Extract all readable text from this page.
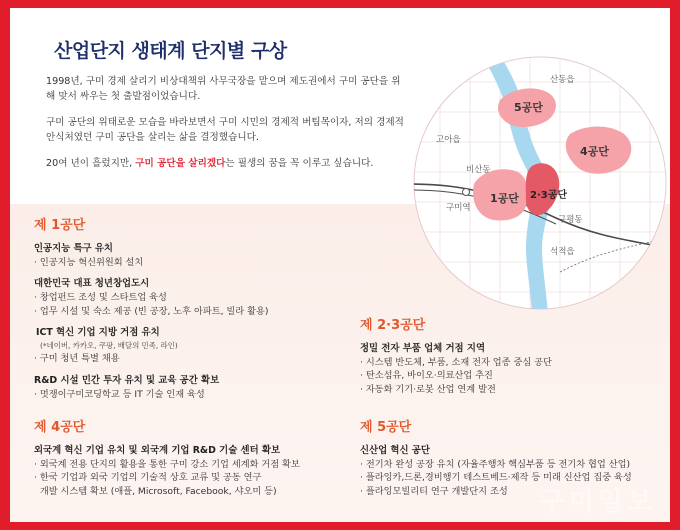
산업단지 생태계 단지별 구상

1998년, 구미 경제 살리기 비상대책위 사무국장을 맡으며 제도권에서 구미 공단을 위해 맞서 싸우는 첫 출발점이었습니다.

구미 공단의 위태로운 모습을 바라보면서 구미 시민의 경제적 버팀목이자, 저의 경제적 안식처였던 구미 공단을 살리는 삶을 결정했습니다.

20여 년이 흘렀지만, 구미 공단을 살리겠다는 필생의 꿈을 꼭 이루고 싶습니다.

산동읍
고아읍
비산동
구미역
구평동
석적읍
5공단
4공단
1공단 2·3공단
제 1공단
인공지능 특구 유치
· 인공지능 혁신위원회 설치
대한민국 대표 청년창업도시
· 창업펀드 조성 및 스타트업 육성
· 업무 시설 및 숙소 제공 (빈 공장, 노후 아파트, 빌라 활용)
ICT 혁신 기업 지방 거점 유치
(*네이버, 카카오, 쿠팡, 배달의 민족, 라인)
· 구미 청년 특별 채용
R&D 시설 민간 투자 유치 및 교육 공간 확보
· 멋쟁이구미코딩학교 등 IT 기술 인재 육성
제 2·3공단
정밀 전자 부품 업체 거점 지역
· 시스템 반도체, 부품, 소재 전자 업종 중심 공단
· 탄소섬유, 바이오·의료산업 추진
· 자동화 기기·로봇 산업 연계 발전
제 4공단
외국계 혁신 기업 유치 및 외국계 기업 R&D 기술 센터 확보
· 외국계 전용 단지의 활용을 통한 구미 강소 기업 세계화 거점 확보
· 한국 기업과 외국 기업의 기술적 상호 교류 및 공동 연구
개발 시스템 확보 (애플, Microsoft, Facebook, 샤오미 등)
제 5공단
신산업 혁신 공단
· 전기차 완성 공장 유치 (자율주행차 핵심부품 등 전기차 협업 산업)
· 플라잉카,드론,경비행기 테스트베드·제작 등 미래 신산업 집중 육성
· 플라잉모빌리티 연구 개발단지 조성	구미일보
